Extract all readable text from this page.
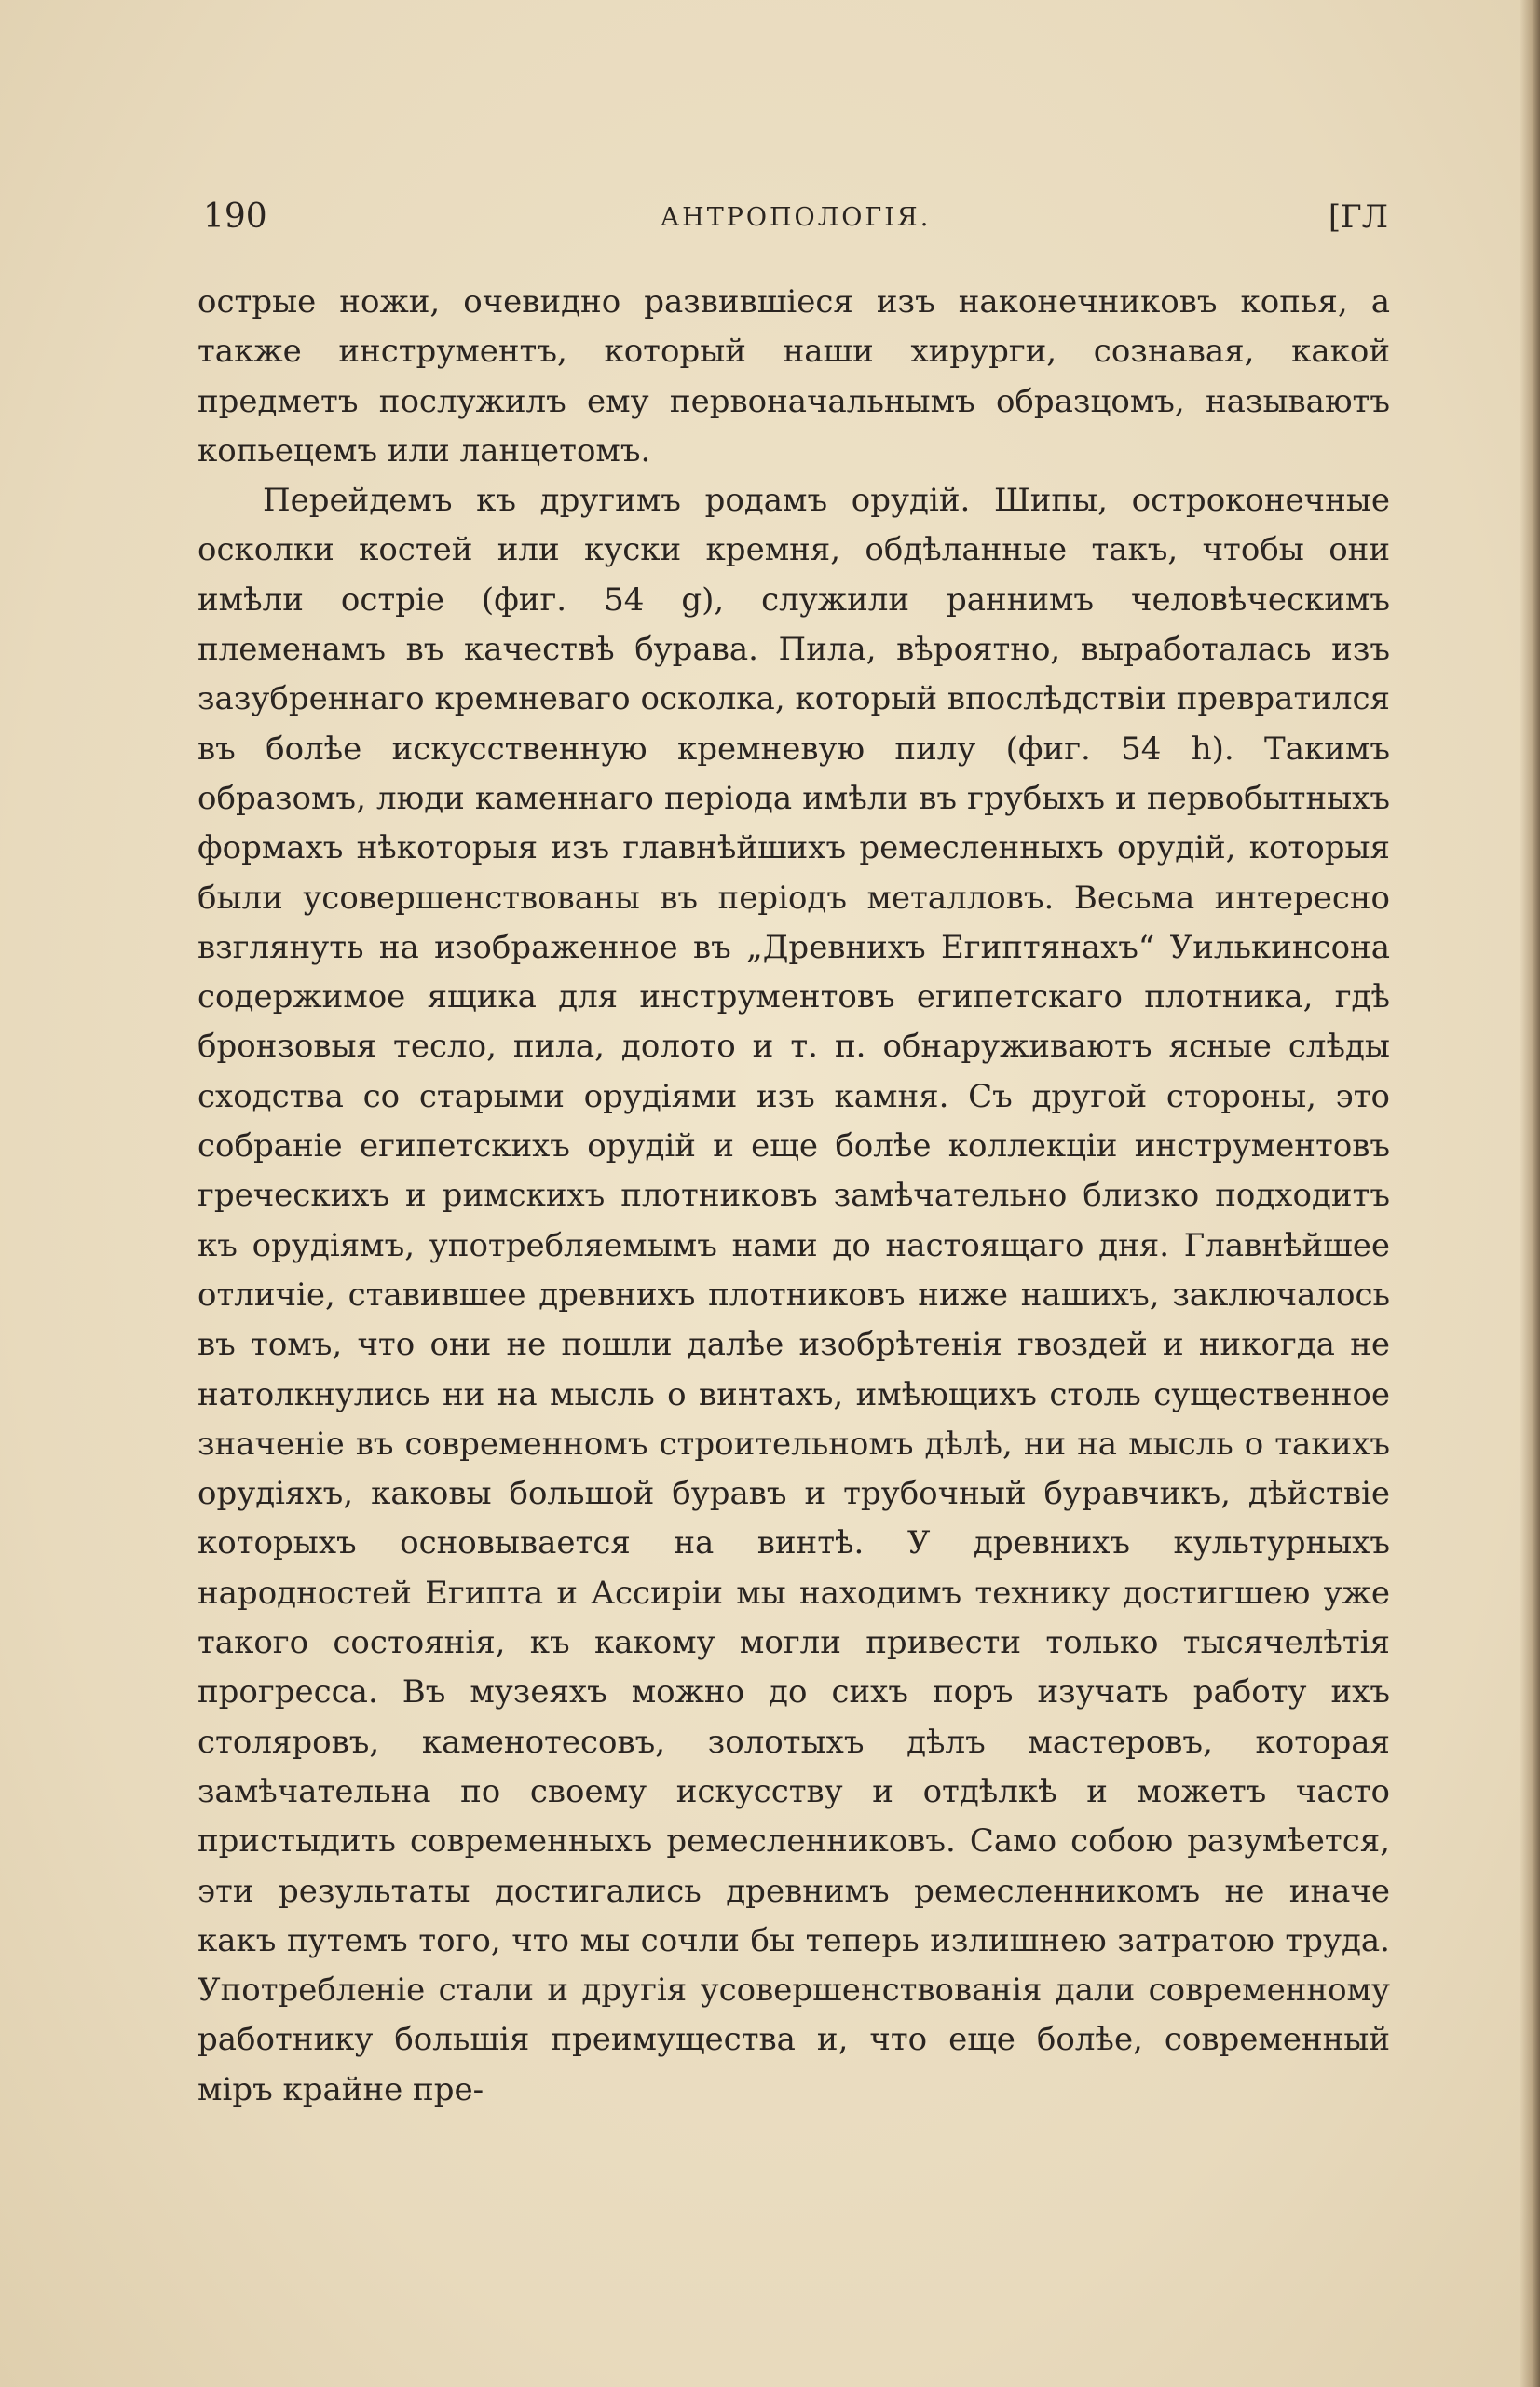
190	АНТРОПОЛОГІЯ.	[ГЛ

острые ножи, очевидно развившіеся изъ наконечниковъ копья, а также инструментъ, который наши хирурги, сознавая, какой предметъ послужилъ ему первоначальнымъ образцомъ, называютъ копьецемъ или ланцетомъ.

Перейдемъ къ другимъ родамъ орудій. Шипы, остроконечные осколки костей или куски кремня, обдѣланные такъ, чтобы они имѣли остріе (фиг. 54 g), служили раннимъ человѣческимъ племенамъ въ качествѣ бурава. Пила, вѣроятно, выработалась изъ зазубреннаго кремневаго осколка, который впослѣдствіи превратился въ болѣе искусственную кремневую пилу (фиг. 54 h). Такимъ образомъ, люди каменнаго періода имѣли въ грубыхъ и первобытныхъ формахъ нѣкоторыя изъ главнѣйшихъ ремесленныхъ орудій, которыя были усовершенствованы въ періодъ металловъ. Весьма интересно взглянуть на изображенное въ „Древнихъ Египтянахъ“ Уилькинсона содержимое ящика для инструментовъ египетскаго плотника, гдѣ бронзовыя тесло, пила, долото и т. п. обнаруживаютъ ясные слѣды сходства со старыми орудіями изъ камня. Съ другой стороны, это собраніе египетскихъ орудій и еще болѣе коллекціи инструментовъ греческихъ и римскихъ плотниковъ замѣчательно близко подходитъ къ орудіямъ, употребляемымъ нами до настоящаго дня. Главнѣйшее отличіе, ставившее древнихъ плотниковъ ниже нашихъ, заключалось въ томъ, что они не пошли далѣе изобрѣтенія гвоздей и никогда не натолкнулись ни на мысль о винтахъ, имѣющихъ столь существенное значеніе въ современномъ строительномъ дѣлѣ, ни на мысль о такихъ орудіяхъ, каковы большой буравъ и трубочный буравчикъ, дѣйствіе которыхъ основывается на винтѣ. У древнихъ культурныхъ народностей Египта и Ассиріи мы находимъ технику достигшею уже такого состоянія, къ какому могли привести только тысячелѣтія прогресса. Въ музеяхъ можно до сихъ поръ изучать работу ихъ столяровъ, каменотесовъ, золотыхъ дѣлъ мастеровъ, которая замѣчательна по своему искусству и отдѣлкѣ и можетъ часто пристыдить современныхъ ремесленниковъ. Само собою разумѣется, эти результаты достигались древнимъ ремесленникомъ не иначе какъ путемъ того, что мы сочли бы теперь излишнею затратою труда. Употребленіе стали и другія усовершенствованія дали современному работнику большія преимущества и, что еще болѣе, современный міръ крайне пре-
